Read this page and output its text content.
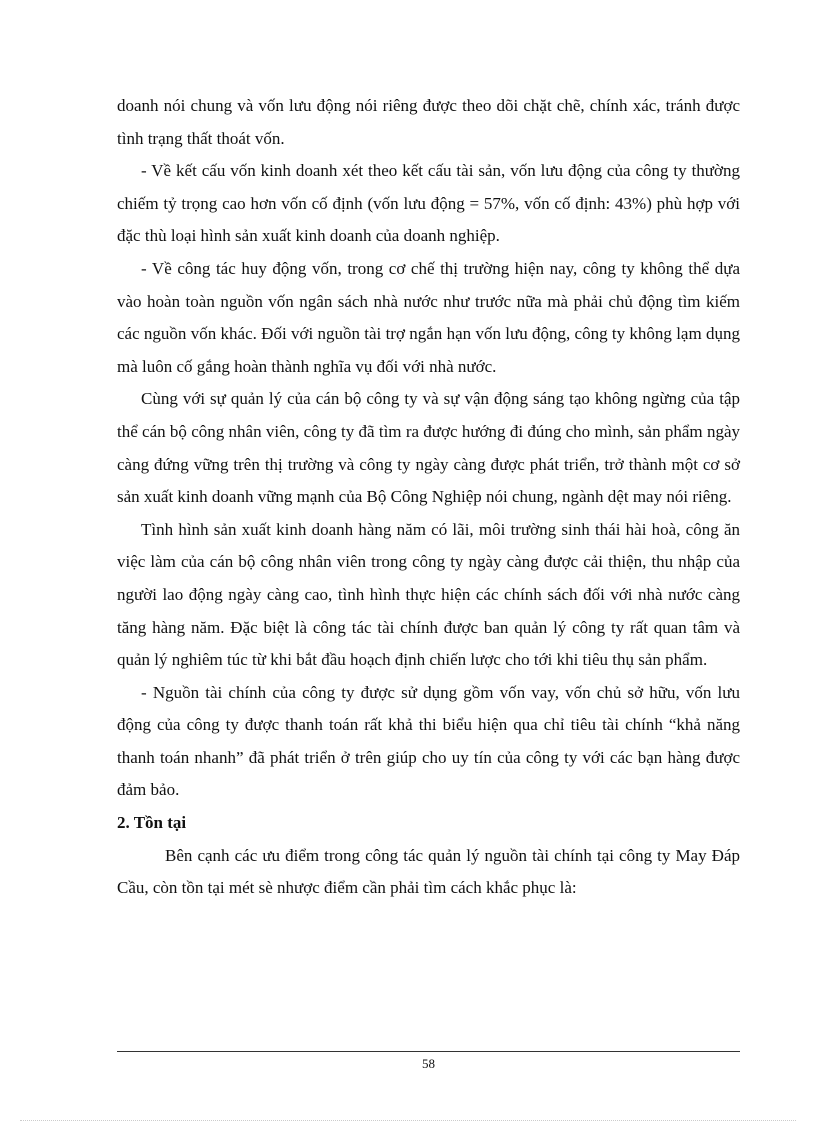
doanh nói chung và vốn lưu động nói riêng được theo dõi chặt chẽ, chính xác, tránh được tình trạng thất thoát vốn.

- Về kết cấu vốn kinh doanh xét theo kết cấu tài sản, vốn lưu động của công ty thường chiếm tỷ trọng cao hơn vốn cố định (vốn lưu động = 57%, vốn cố định: 43%) phù hợp với đặc thù loại hình sản xuất kinh doanh của doanh nghiệp.

- Về công tác huy động vốn, trong cơ chế thị trường hiện nay, công ty không thể dựa vào hoàn toàn nguồn vốn ngân sách nhà nước như trước nữa mà phải chủ động tìm kiếm các nguồn vốn khác. Đối với nguồn tài trợ ngắn hạn vốn lưu động, công ty không lạm dụng mà luôn cố gắng hoàn thành nghĩa vụ đối với nhà nước.

Cùng với sự quản lý của cán bộ công ty và sự vận động sáng tạo không ngừng của tập thể cán bộ công nhân viên, công ty đã tìm ra được hướng đi đúng cho mình, sản phẩm ngày càng đứng vững trên thị trường và công ty ngày càng được phát triển, trở thành một cơ sở sản xuất kinh doanh vững mạnh của Bộ Công Nghiệp nói chung, ngành dệt may nói riêng.

Tình hình sản xuất kinh doanh hàng năm có lãi, môi trường sinh thái hài hoà, công ăn việc làm của cán bộ công nhân viên trong công ty ngày càng được cải thiện, thu nhập của người lao động ngày càng cao, tình hình thực hiện các chính sách đối với nhà nước càng tăng hàng năm. Đặc biệt là công tác tài chính được ban quản lý công ty rất quan tâm và quản lý nghiêm túc từ khi bắt đầu hoạch định chiến lược cho tới khi tiêu thụ sản phẩm.

- Nguồn tài chính của công ty được sử dụng gồm vốn vay, vốn chủ sở hữu, vốn lưu động của công ty được thanh toán rất khả thi biểu hiện qua chỉ tiêu tài chính “khả năng thanh toán nhanh” đã phát triển ở trên giúp cho uy tín của công ty với các bạn hàng được đảm bảo.

2. Tồn tại

Bên cạnh các ưu điểm trong công tác quản lý nguồn tài chính tại công ty May Đáp Cầu, còn tồn tại mét sè nhược điểm cần phải tìm cách khắc phục là:

58
